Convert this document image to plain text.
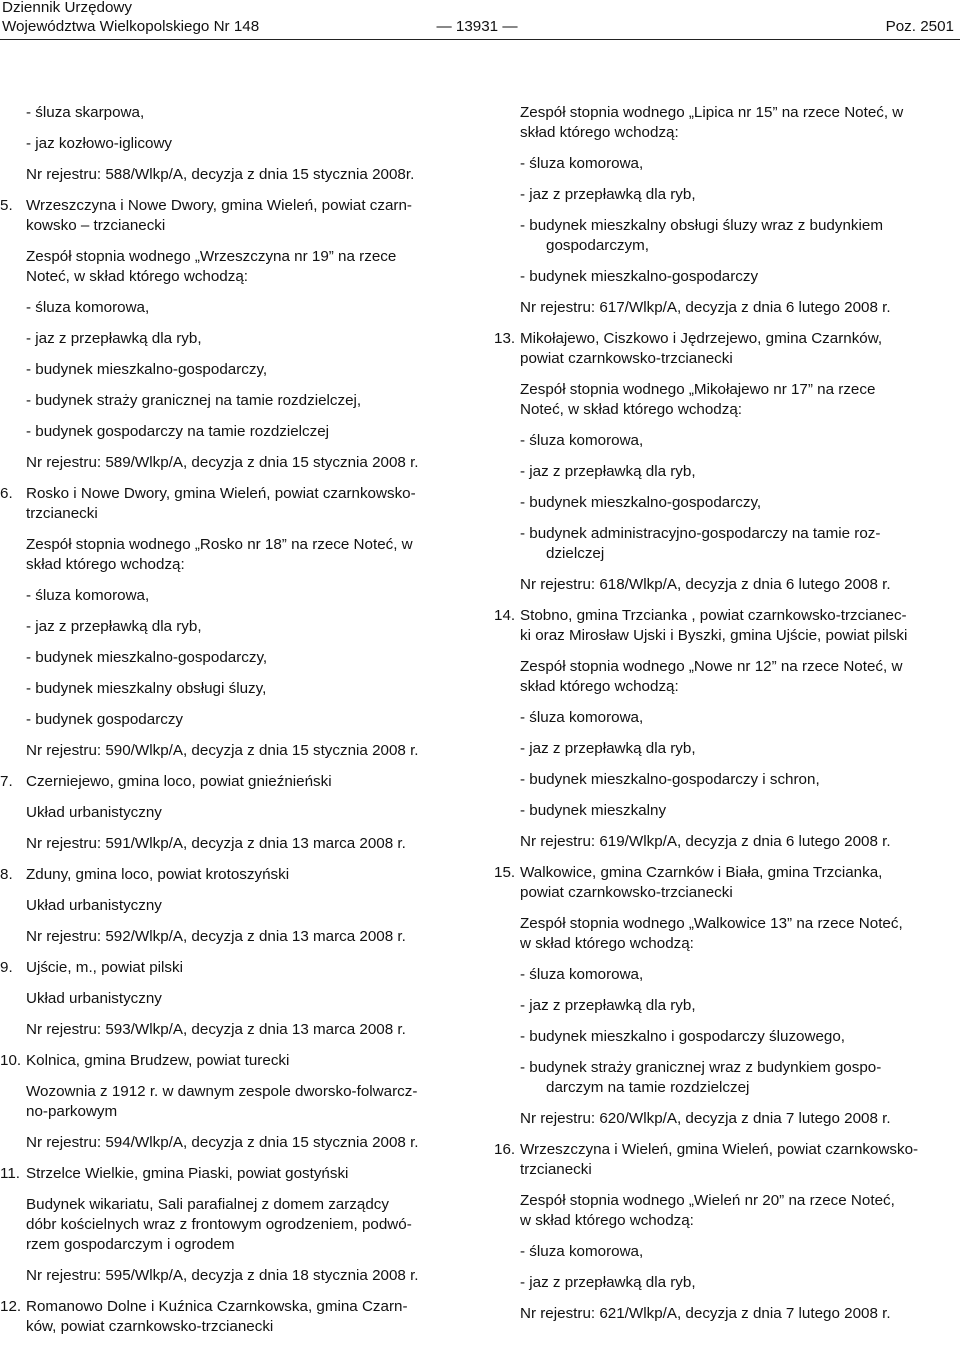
Dziennik Urzędowy
Województwa Wielkopolskiego Nr 148	— 13931 —	Poz. 2501

- śluza skarpowa,

- jaz kozłowo-iglicowy

Nr rejestru: 588/Wlkp/A, decyzja z dnia 15 stycznia 2008r.

5. Wrzeszczyna i Nowe Dwory, gmina Wieleń, powiat czarn-
kowsko – trzcianecki

Zespół stopnia wodnego „Wrzeszczyna nr 19” na rzece
Noteć, w skład którego wchodzą:

- śluza komorowa,

- jaz z przepławką dla ryb,

- budynek mieszkalno-gospodarczy,

- budynek straży granicznej na tamie rozdzielczej,

- budynek gospodarczy na tamie rozdzielczej

Nr rejestru: 589/Wlkp/A, decyzja z dnia 15 stycznia 2008 r.

6. Rosko i Nowe Dwory, gmina Wieleń, powiat czarnkowsko-
trzcianecki

Zespół stopnia wodnego „Rosko nr 18” na rzece Noteć, w
skład którego wchodzą:

- śluza komorowa,

- jaz z przepławką dla ryb,

- budynek mieszkalno-gospodarczy,

- budynek mieszkalny obsługi śluzy,

- budynek gospodarczy

Nr rejestru: 590/Wlkp/A, decyzja z dnia 15 stycznia 2008 r.

7. Czerniejewo, gmina loco, powiat gnieźnieński

Układ urbanistyczny

Nr rejestru: 591/Wlkp/A, decyzja z dnia 13 marca 2008 r.

8. Zduny, gmina loco, powiat krotoszyński

Układ urbanistyczny

Nr rejestru: 592/Wlkp/A, decyzja z dnia 13 marca 2008 r.

9. Ujście, m., powiat pilski

Układ urbanistyczny

Nr rejestru: 593/Wlkp/A, decyzja z dnia 13 marca 2008 r.

10. Kolnica, gmina Brudzew, powiat turecki

Wozownia z 1912 r. w dawnym zespole dworsko-folwarcz-
no-parkowym

Nr rejestru: 594/Wlkp/A, decyzja z dnia 15 stycznia 2008 r.

11. Strzelce Wielkie, gmina Piaski, powiat gostyński

Budynek wikariatu, Sali parafialnej z domem zarządcy
dóbr kościelnych wraz z frontowym ogrodzeniem, podwó-
rzem gospodarczym i ogrodem

Nr rejestru: 595/Wlkp/A, decyzja z dnia 18 stycznia 2008 r.

12. Romanowo Dolne i Kuźnica Czarnkowska, gmina Czarn-
ków, powiat czarnkowsko-trzcianecki

Zespół stopnia wodnego „Lipica nr 15” na rzece Noteć, w
skład którego wchodzą:

- śluza komorowa,

- jaz z przepławką dla ryb,

- budynek mieszkalny obsługi śluzy wraz z budynkiem
gospodarczym,

- budynek mieszkalno-gospodarczy

Nr rejestru: 617/Wlkp/A, decyzja z dnia 6 lutego 2008 r.

13. Mikołajewo, Ciszkowo i Jędrzejewo, gmina Czarnków,
powiat czarnkowsko-trzcianecki

Zespół stopnia wodnego „Mikołajewo nr 17” na rzece
Noteć, w skład którego wchodzą:

- śluza komorowa,

- jaz z przepławką dla ryb,

- budynek mieszkalno-gospodarczy,

- budynek administracyjno-gospodarczy na tamie roz-
dzielczej

Nr rejestru: 618/Wlkp/A, decyzja z dnia 6 lutego 2008 r.

14. Stobno, gmina Trzcianka , powiat czarnkowsko-trzcianec-
ki oraz Mirosław Ujski i Byszki, gmina Ujście, powiat pilski

Zespół stopnia wodnego „Nowe nr 12” na rzece Noteć, w
skład którego wchodzą:

- śluza komorowa,

- jaz z przepławką dla ryb,

- budynek mieszkalno-gospodarczy i schron,

- budynek mieszkalny

Nr rejestru: 619/Wlkp/A, decyzja z dnia 6 lutego 2008 r.

15. Walkowice, gmina Czarnków i Biała, gmina Trzcianka,
powiat czarnkowsko-trzcianecki

Zespół stopnia wodnego „Walkowice 13” na rzece Noteć,
w skład którego wchodzą:

- śluza komorowa,

- jaz z przepławką dla ryb,

- budynek mieszkalno i gospodarczy śluzowego,

- budynek straży granicznej wraz z budynkiem gospo-
darczym na tamie rozdzielczej

Nr rejestru: 620/Wlkp/A, decyzja z dnia 7 lutego 2008 r.

16. Wrzeszczyna i Wieleń, gmina Wieleń, powiat czarnkowsko-
trzcianecki

Zespół stopnia wodnego „Wieleń nr 20” na rzece Noteć,
w skład którego wchodzą:

- śluza komorowa,

- jaz z przepławką dla ryb,

Nr rejestru: 621/Wlkp/A, decyzja z dnia 7 lutego 2008 r.
